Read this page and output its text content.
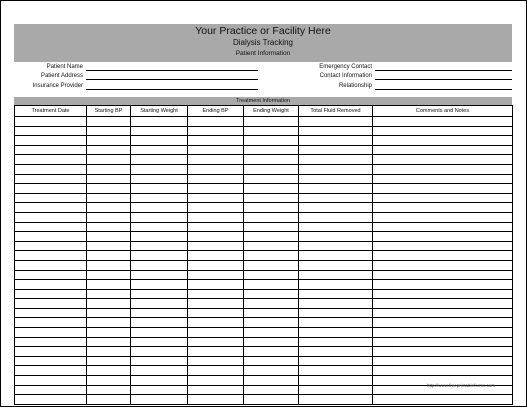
Your Practice or Facility Here
Dialysis Tracking
Patient Information
Patient Name
Patient Address
Insurance Provider
Emergency Contact
Contact Information
Relationship
Treatment Information
Treatment Date	Starting BP	Starting Weight	Ending BP	Ending Weight	Total Fluid Removed	Comments and Notes

http://www.freeprintableforms.com
